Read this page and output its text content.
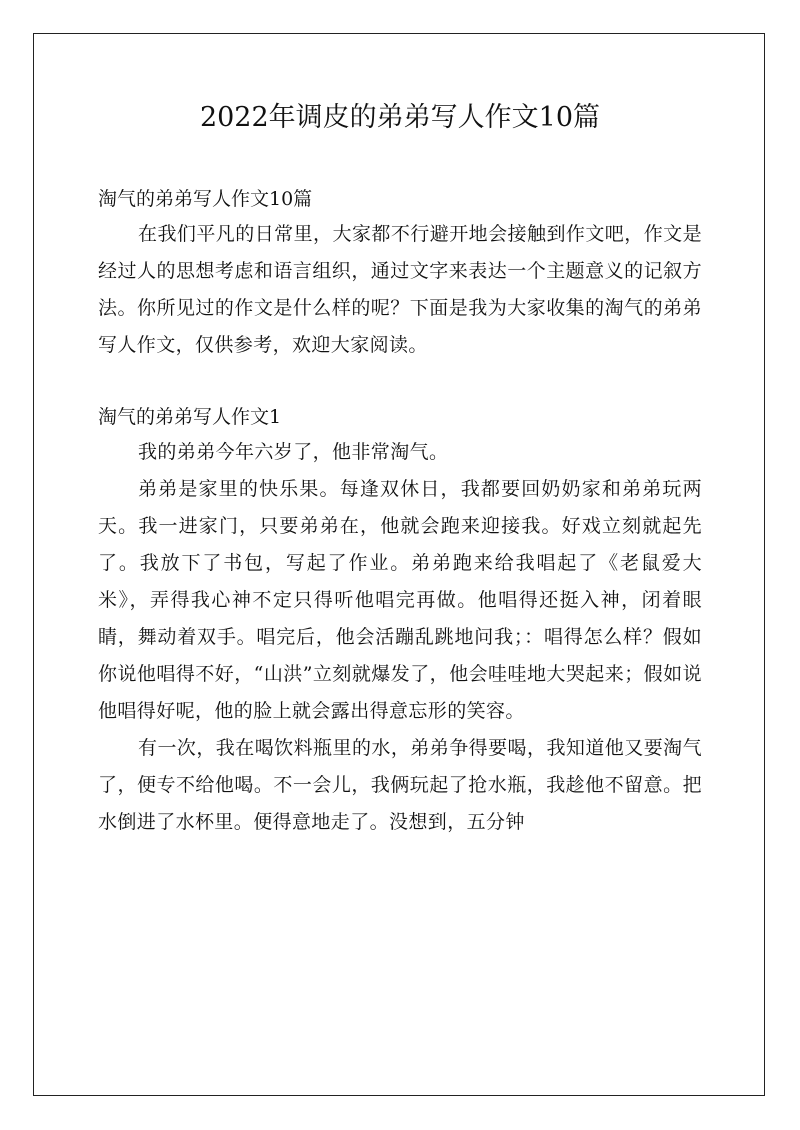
2022年调皮的弟弟写人作文10篇
淘气的弟弟写人作文10篇

在我们平凡的日常里，大家都不行避开地会接触到作文吧，作文是经过人的思想考虑和语言组织，通过文字来表达一个主题意义的记叙方法。你所见过的作文是什么样的呢？下面是我为大家收集的淘气的弟弟写人作文，仅供参考，欢迎大家阅读。

淘气的弟弟写人作文1

我的弟弟今年六岁了，他非常淘气。

弟弟是家里的快乐果。每逢双休日，我都要回奶奶家和弟弟玩两天。我一进家门，只要弟弟在，他就会跑来迎接我。好戏立刻就起先了。我放下了书包，写起了作业。弟弟跑来给我唱起了《老鼠爱大米》，弄得我心神不定只得听他唱完再做。他唱得还挺入神，闭着眼睛，舞动着双手。唱完后，他会活蹦乱跳地问我；：唱得怎么样？假如你说他唱得不好，“山洪”立刻就爆发了，他会哇哇地大哭起来；假如说他唱得好呢，他的脸上就会露出得意忘形的笑容。

有一次，我在喝饮料瓶里的水，弟弟争得要喝，我知道他又要淘气了，便专不给他喝。不一会儿，我俩玩起了抢水瓶，我趁他不留意。把水倒进了水杯里。便得意地走了。没想到，五分钟
